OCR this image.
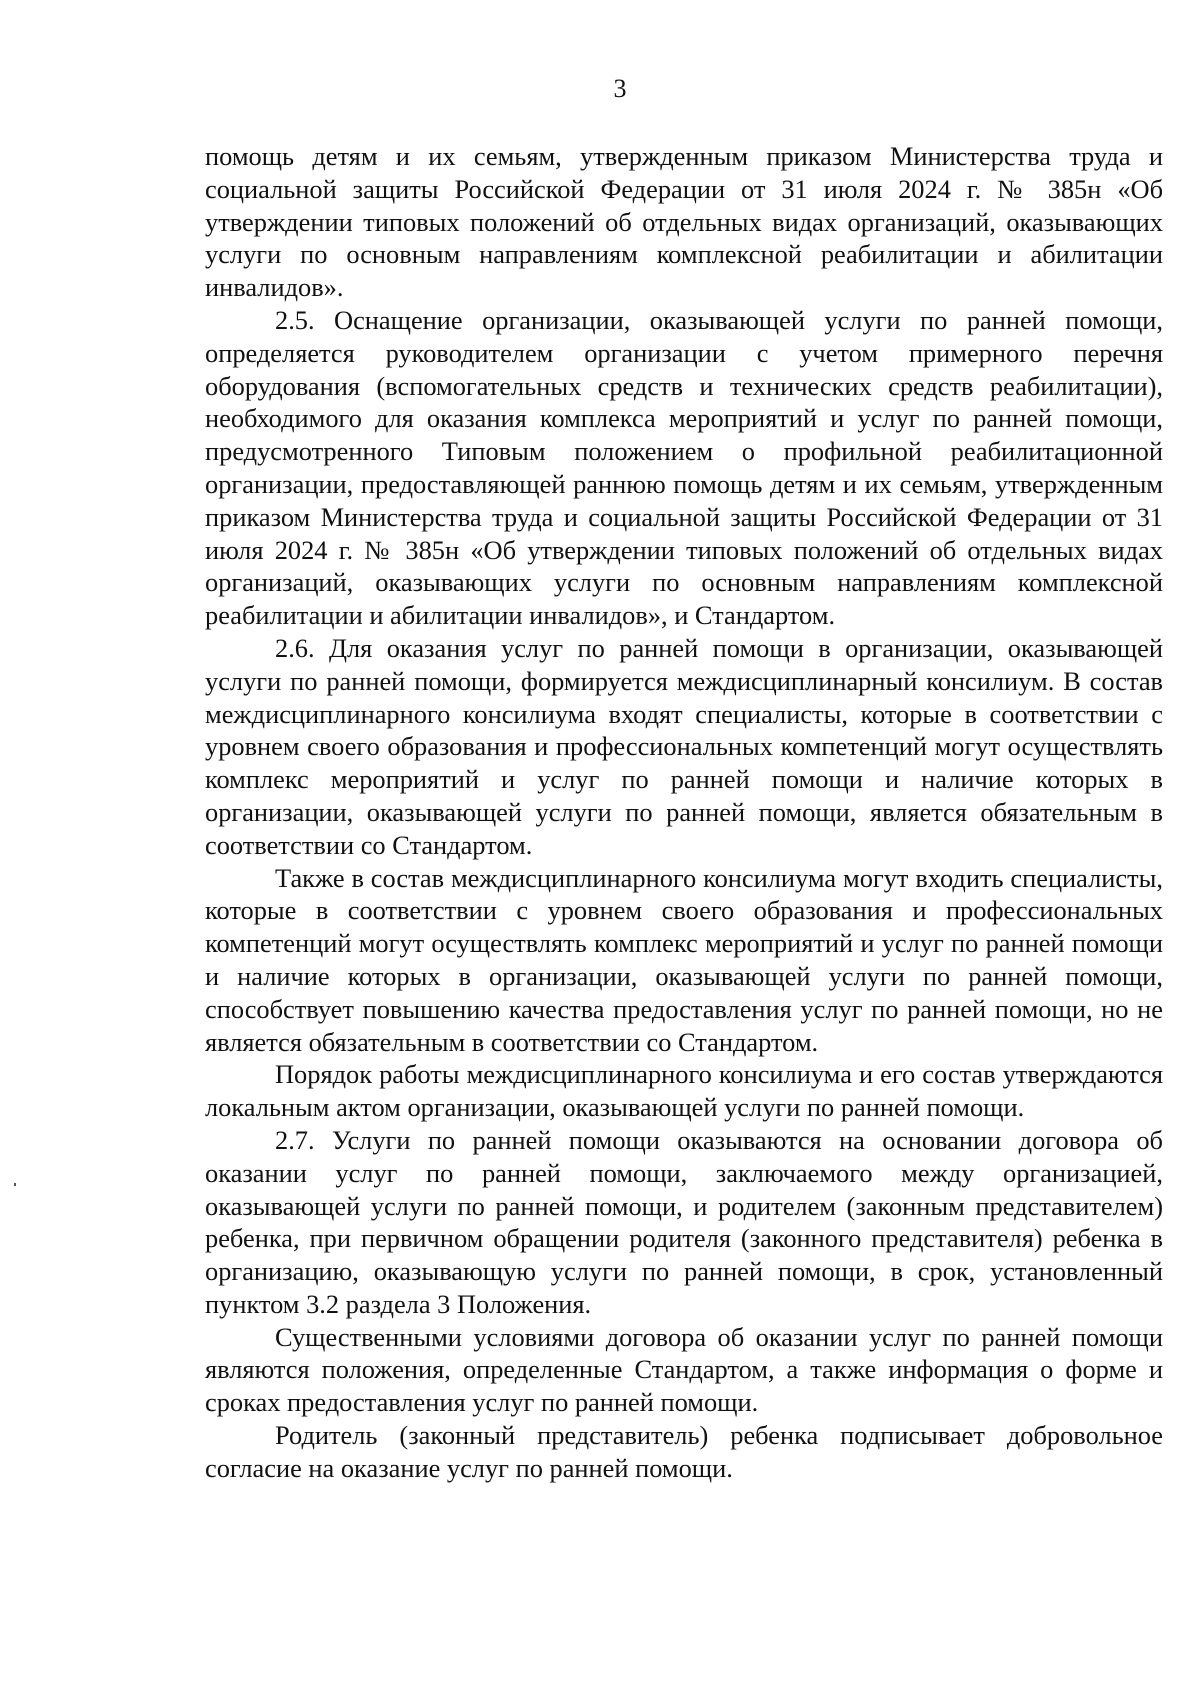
3

помощь детям и их семьям, утвержденным приказом Министерства труда и социальной защиты Российской Федерации от 31 июля 2024 г. № 385н «Об утверждении типовых положений об отдельных видах организаций, оказывающих услуги по основным направлениям комплексной реабилитации и абилитации инвалидов».

2.5. Оснащение организации, оказывающей услуги по ранней помощи, определяется руководителем организации с учетом примерного перечня оборудования (вспомогательных средств и технических средств реабилитации), необходимого для оказания комплекса мероприятий и услуг по ранней помощи, предусмотренного Типовым положением о профильной реабилитационной организации, предоставляющей раннюю помощь детям и их семьям, утвержденным приказом Министерства труда и социальной защиты Российской Федерации от 31 июля 2024 г. № 385н «Об утверждении типовых положений об отдельных видах организаций, оказывающих услуги по основным направлениям комплексной реабилитации и абилитации инвалидов», и Стандартом.

2.6. Для оказания услуг по ранней помощи в организации, оказывающей услуги по ранней помощи, формируется междисциплинарный консилиум. В состав междисциплинарного консилиума входят специалисты, которые в соответствии с уровнем своего образования и профессиональных компетенций могут осуществлять комплекс мероприятий и услуг по ранней помощи и наличие которых в организации, оказывающей услуги по ранней помощи, является обязательным в соответствии со Стандартом.

Также в состав междисциплинарного консилиума могут входить специалисты, которые в соответствии с уровнем своего образования и профессиональных компетенций могут осуществлять комплекс мероприятий и услуг по ранней помощи и наличие которых в организации, оказывающей услуги по ранней помощи, способствует повышению качества предоставления услуг по ранней помощи, но не является обязательным в соответствии со Стандартом.

Порядок работы междисциплинарного консилиума и его состав утверждаются локальным актом организации, оказывающей услуги по ранней помощи.

2.7. Услуги по ранней помощи оказываются на основании договора об оказании услуг по ранней помощи, заключаемого между организацией, оказывающей услуги по ранней помощи, и родителем (законным представителем) ребенка, при первичном обращении родителя (законного представителя) ребенка в организацию, оказывающую услуги по ранней помощи, в срок, установленный пунктом 3.2 раздела 3 Положения.

Существенными условиями договора об оказании услуг по ранней помощи являются положения, определенные Стандартом, а также информация о форме и сроках предоставления услуг по ранней помощи.

Родитель (законный представитель) ребенка подписывает добровольное согласие на оказание услуг по ранней помощи.
